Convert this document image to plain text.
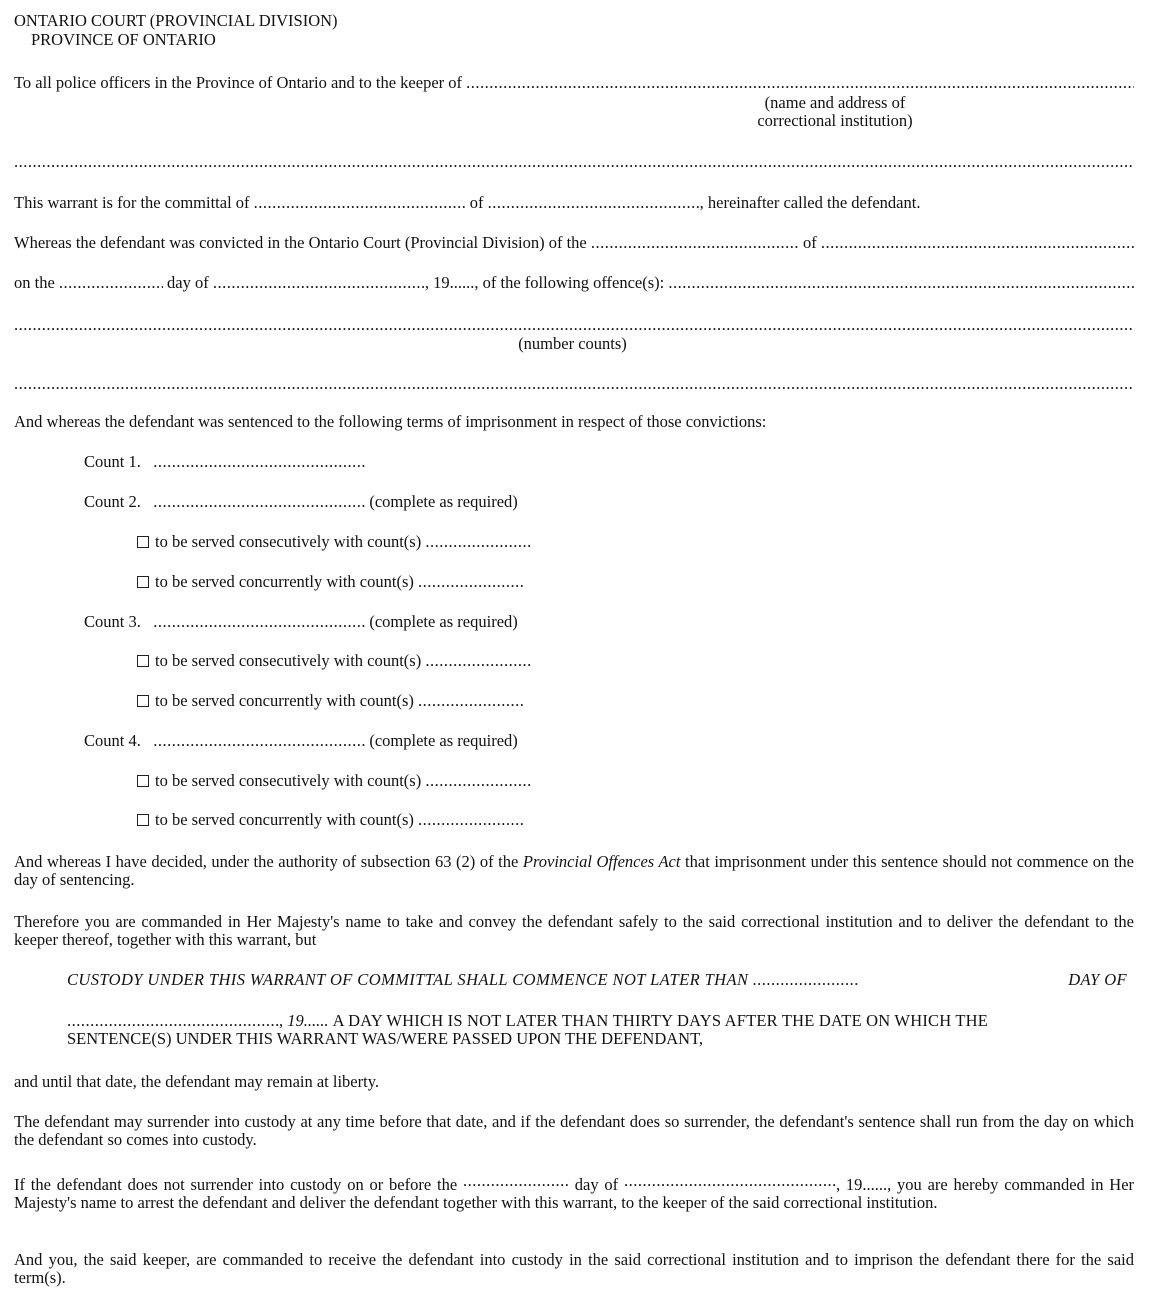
ONTARIO COURT (PROVINCIAL DIVISION)
PROVINCE OF ONTARIO
To all police officers in the Province of Ontario and to the keeper of

.....
(name and address of
correctional institution)
.....
This warrant is for the committal of .....	of .....	, hereinafter called the defendant.
Whereas the defendant was convicted in the Ontario Court (Provincial Division) of the
.....
	of

.....
on the
.....
	day of
.....	, 19......, of the following offence(s):

.....
.....
(number counts)
.....
And whereas the defendant was sentenced to the following terms of imprisonment in respect of those convictions:
Count 1.   .....
Count 2. .....	(complete as required)
to be served consecutively with count(s) .....
to be served concurrently with count(s) .....
Count 3. .....	(complete as required)
to be served consecutively with count(s) .....
to be served concurrently with count(s) .....
Count 4. .....	(complete as required)
to be served consecutively with count(s) .....
to be served concurrently with count(s) .....
And whereas I have decided, under the authority of subsection 63 (2) of the Provincial Offences Act that imprisonment under this sentence should not commence on the day of sentencing.
Therefore you are commanded in Her Majesty's name to take and convey the defendant safely to the said correctional institution and to deliver the defendant to the keeper thereof, together with this warrant, but
CUSTODY UNDER THIS WARRANT OF COMMITTAL SHALL COMMENCE NOT LATER THAN
.....	DAY OF
....., 19...... A DAY WHICH IS NOT LATER THAN THIRTY DAYS AFTER THE DATE ON WHICH THE
SENTENCE(S) UNDER THIS WARRANT WAS/WERE PASSED UPON THE DEFENDANT,
and until that date, the defendant may remain at liberty.
The defendant may surrender into custody at any time before that date, and if the defendant does so surrender, the defendant's sentence shall run from the day on which the defendant so comes into custody.
If the defendant does not surrender into custody on or before the .....	day of .....	, 19......, you are hereby commanded in Her Majesty's name to arrest the defendant and deliver the defendant together with this warrant, to the keeper of the said correctional institution.
And you, the said keeper, are commanded to receive the defendant into custody in the said correctional institution and to imprison the defendant there for the said term(s).
